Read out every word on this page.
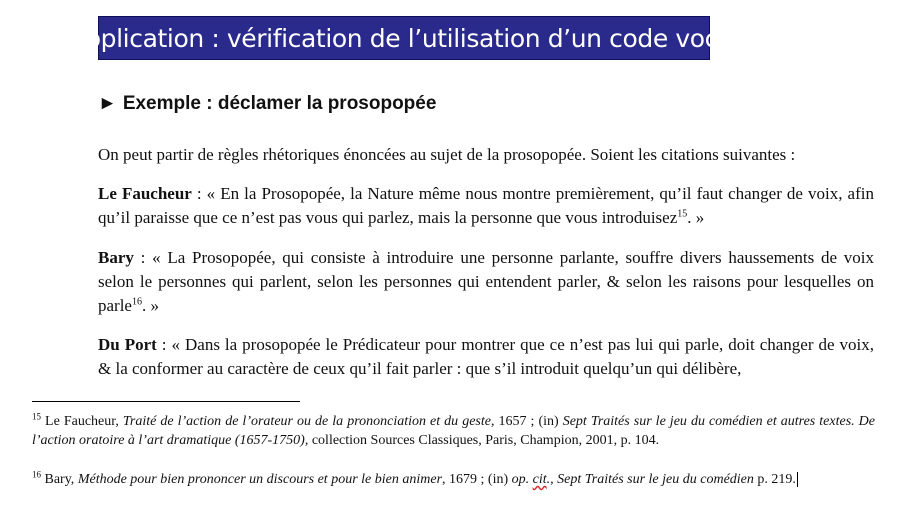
Application : vérification de l’utilisation d’un code vocal
► Exemple : déclamer la prosopopée
On peut partir de règles rhétoriques énoncées au sujet de la prosopopée. Soient les citations suivantes :
Le Faucheur : « En la Prosopopée, la Nature même nous montre premièrement, qu’il faut changer de voix, afin qu’il paraisse que ce n’est pas vous qui parlez, mais la personne que vous introduisez$^{15}$. »
Bary : « La Prosopopée, qui consiste à introduire une personne parlante, souffre divers haussements de voix selon le personnes qui parlent, selon les personnes qui entendent parler, & selon les raisons pour lesquelles on parle$^{16}$. »
Du Port : « Dans la prosopopée le Prédicateur pour montrer que ce n’est pas lui qui parle, doit changer de voix, & la conformer au caractère de ceux qu’il fait parler : que s’il introduit quelqu’un qui délibère,
$^{15}$ Le Faucheur, Traité de l’action de l’orateur ou de la prononciation et du geste, 1657 ; (in) Sept Traités sur le jeu du comédien et autres textes. De l’action oratoire à l’art dramatique (1657-1750), collection Sources Classiques, Paris, Champion, 2001, p. 104.
$^{16}$ Bary, Méthode pour bien prononcer un discours et pour le bien animer, 1679 ; (in) op. cit., Sept Traités sur le jeu du comédien p. 219.
